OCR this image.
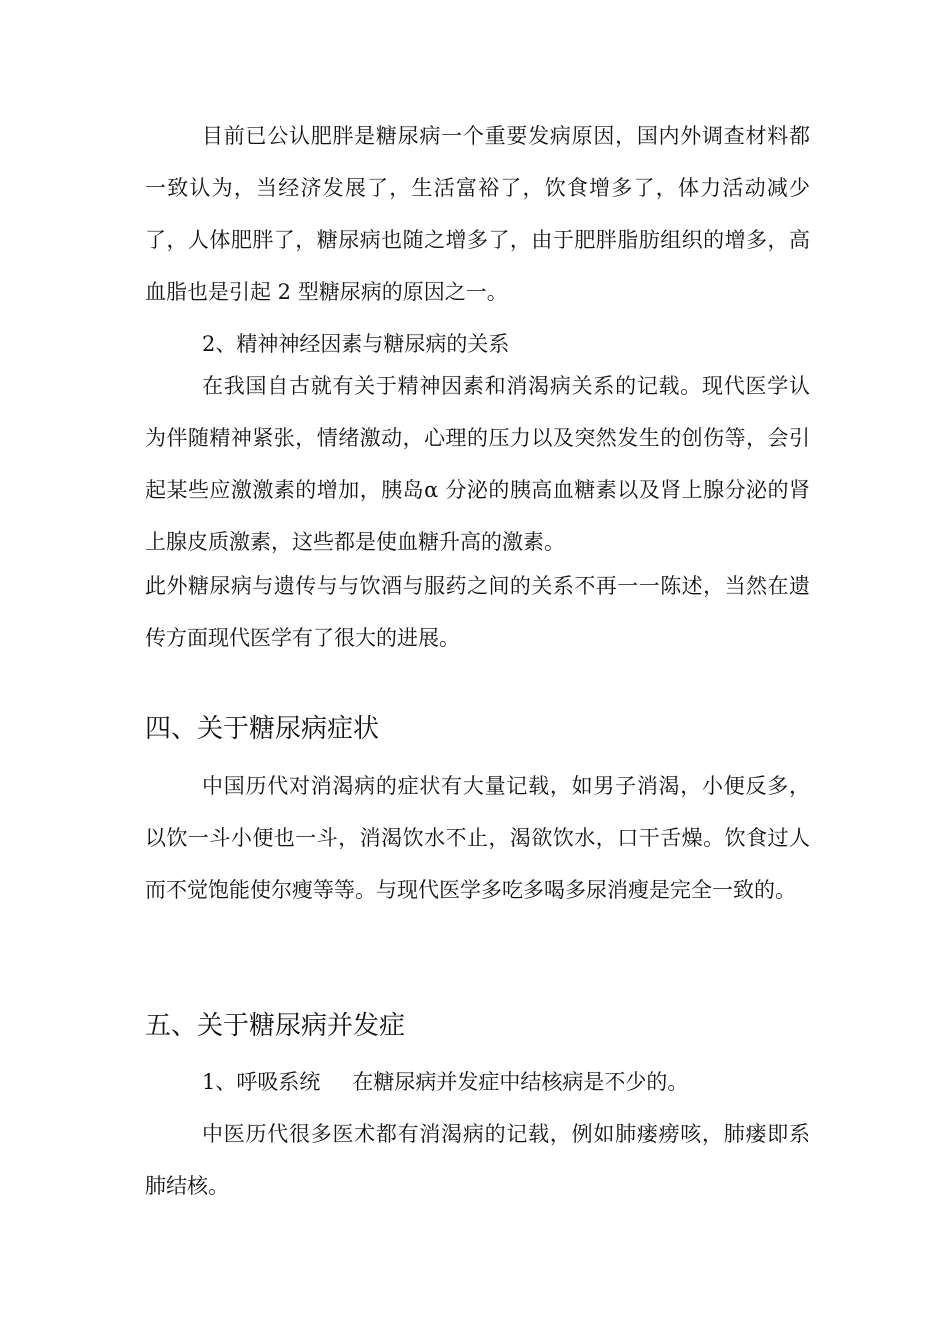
目前已公认肥胖是糖尿病一个重要发病原因，国内外调查材料都一致认为，当经济发展了，生活富裕了，饮食增多了，体力活动减少了，人体肥胖了，糖尿病也随之增多了，由于肥胖脂肪组织的增多，高血脂也是引起 2 型糖尿病的原因之一。

2、精神神经因素与糖尿病的关系

在我国自古就有关于精神因素和消渴病关系的记载。现代医学认为伴随精神紧张，情绪激动，心理的压力以及突然发生的创伤等，会引起某些应激激素的增加，胰岛α 分泌的胰高血糖素以及肾上腺分泌的肾上腺皮质激素，这些都是使血糖升高的激素。

此外糖尿病与遗传与与饮酒与服药之间的关系不再一一陈述，当然在遗传方面现代医学有了很大的进展。

四、关于糖尿病症状

中国历代对消渴病的症状有大量记载，如男子消渴，小便反多，以饮一斗小便也一斗，消渴饮水不止，渴欲饮水，口干舌燥。饮食过人而不觉饱能使尔瘦等等。与现代医学多吃多喝多尿消瘦是完全一致的。

五、关于糖尿病并发症

1、呼吸系统 在糖尿病并发症中结核病是不少的。

中医历代很多医术都有消渴病的记载，例如肺瘘痨咳，肺瘘即系肺结核。
